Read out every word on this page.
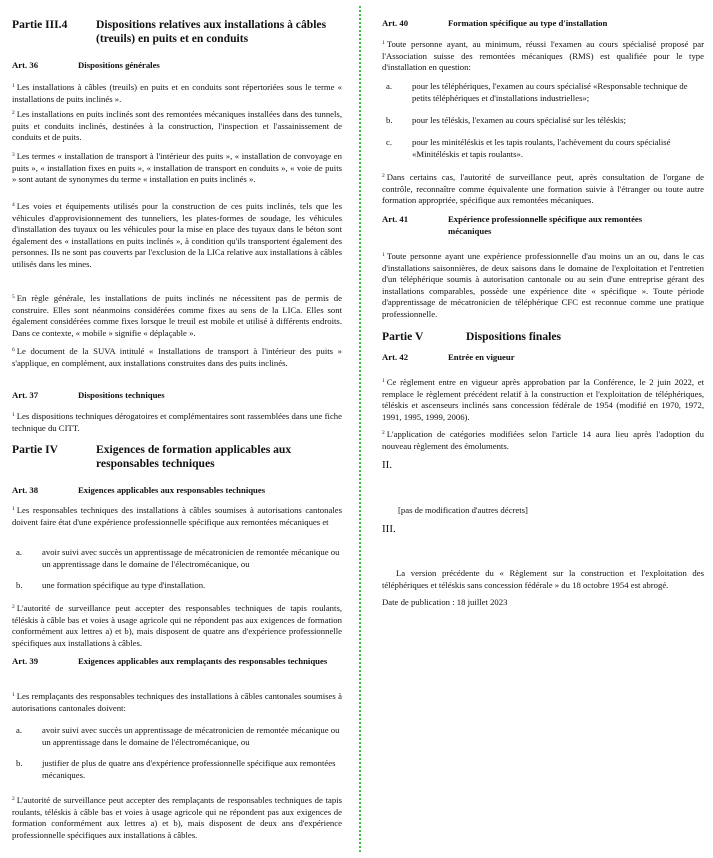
Partie III.4	Dispositions relatives aux installations à câbles (treuils) en puits et en conduits
Art. 36	Dispositions générales
$^1$ Les installations à câbles (treuils) en puits et en conduits sont répertoriées sous le terme « installations de puits inclinés ».
$^2$ Les installations en puits inclinés sont des remontées mécaniques installées dans des tunnels, puits et conduits inclinés, destinées à la construction, l'inspection et l'assainissement de conduits et de puits.
$^3$ Les termes « installation de transport à l'intérieur des puits », « installation de convoyage en puits », « installation fixes en puits », « installation de transport en conduits », « voie de puits » sont autant de synonymes du terme « installation en puits inclinés ».
$^4$ Les voies et équipements utilisés pour la construction de ces puits inclinés, tels que les véhicules d'approvisionnement des tunneliers, les plates-formes de soudage, les véhicules d'installation des tuyaux ou les véhicules pour la mise en place des tuyaux dans le béton sont également des « installations en puits inclinés », à condition qu'ils transportent également des personnes. Ils ne sont pas couverts par l'exclusion de la LICa relative aux installations à câbles utilisés dans les mines.
$^5$ En règle générale, les installations de puits inclinés ne nécessitent pas de permis de construire. Elles sont néanmoins considérées comme fixes au sens de la LICa. Elles sont également considérées comme fixes lorsque le treuil est mobile et utilisé à différents endroits. Dans ce contexte, « mobile » signifie « déplaçable ».
$^6$ Le document de la SUVA intitulé « Installations de transport à l'intérieur des puits » s'applique, en complément, aux installations construites dans des puits inclinés.
Art. 37	Dispositions techniques
$^1$ Les dispositions techniques dérogatoires et complémentaires sont rassemblées dans une fiche technique du CITT.
Partie IV	Exigences de formation applicables aux responsables techniques
Art. 38	Exigences applicables aux responsables techniques
$^1$ Les responsables techniques des installations à câbles soumises à autorisations cantonales doivent faire état d'une expérience professionnelle spécifique aux remontées mécaniques et
a.	avoir suivi avec succès un apprentissage de mécatronicien de remontée mécanique ou un apprentissage dans le domaine de l'électromécanique, ou
b.	une formation spécifique au type d'installation.
$^2$ L'autorité de surveillance peut accepter des responsables techniques de tapis roulants, téléskis à câble bas et voies à usage agricole qui ne répondent pas aux exigences de formation conformément aux lettres a) et b), mais disposent de quatre ans d'expérience professionnelle spécifiques aux installations à câbles.
Art. 39	Exigences applicables aux remplaçants des responsables techniques
$^1$ Les remplaçants des responsables techniques des installations à câbles cantonales soumises à autorisations cantonales doivent:
a.	avoir suivi avec succès un apprentissage de mécatronicien de remontée mécanique ou un apprentissage dans le domaine de l'électromécanique, ou
b.	justifier de plus de quatre ans d'expérience professionnelle spécifique aux remontées mécaniques.
$^2$ L'autorité de surveillance peut accepter des remplaçants de responsables techniques de tapis roulants, téléskis à câble bas et voies à usage agricole qui ne répondent pas aux exigences de formation conformément aux lettres a) et b), mais disposent de deux ans d'expérience professionnelle spécifiques aux installations à câbles.
Art. 40	Formation spécifique au type d'installation
$^1$ Toute personne ayant, au minimum, réussi l'examen au cours spécialisé proposé par l'Association suisse des remontées mécaniques (RMS) est qualifiée pour le type d'installation en question:
a.	pour les téléphériques, l'examen au cours spécialisé «Responsable technique de petits téléphériques et d'installations industrielles»;
b.	pour les téléskis, l'examen au cours spécialisé sur les téléskis;
c.	pour les minitéléskis et les tapis roulants, l'achèvement du cours spécialisé «Minitéléskis et tapis roulants».
$^2$ Dans certains cas, l'autorité de surveillance peut, après consultation de l'organe de contrôle, reconnaître comme équivalente une formation suivie à l'étranger ou toute autre formation appropriée, spécifique aux remontées mécaniques.
Art. 41	Expérience professionnelle spécifique aux remontées mécaniques
$^1$ Toute personne ayant une expérience professionnelle d'au moins un an ou, dans le cas d'installations saisonnières, de deux saisons dans le domaine de l'exploitation et l'entretien d'un téléphérique soumis à autorisation cantonale ou au sein d'une entreprise gérant des installations comparables, possède une expérience dite « spécifique ». Toute période d'apprentissage de mécatronicien de téléphérique CFC est reconnue comme une pratique professionnelle.
Partie V	Dispositions finales
Art. 42	Entrée en vigueur
$^1$ Ce règlement entre en vigueur après approbation par la Conférence, le 2 juin 2022, et remplace le règlement précédent relatif à la construction et l'exploitation de téléphériques, téléskis et ascenseurs inclinés sans concession fédérale de 1954 (modifié en 1970, 1972, 1991, 1995, 1999, 2006).
$^2$ L'application de catégories modifiées selon l'article 14 aura lieu après l'adoption du nouveau règlement des émoluments.
II.
[pas de modification d'autres décrets]
III.
La version précédente du « Règlement sur la construction et l'exploitation des téléphériques et téléskis sans concession fédérale » du 18 octobre 1954 est abrogé.
Date de publication : 18 juillet 2023
